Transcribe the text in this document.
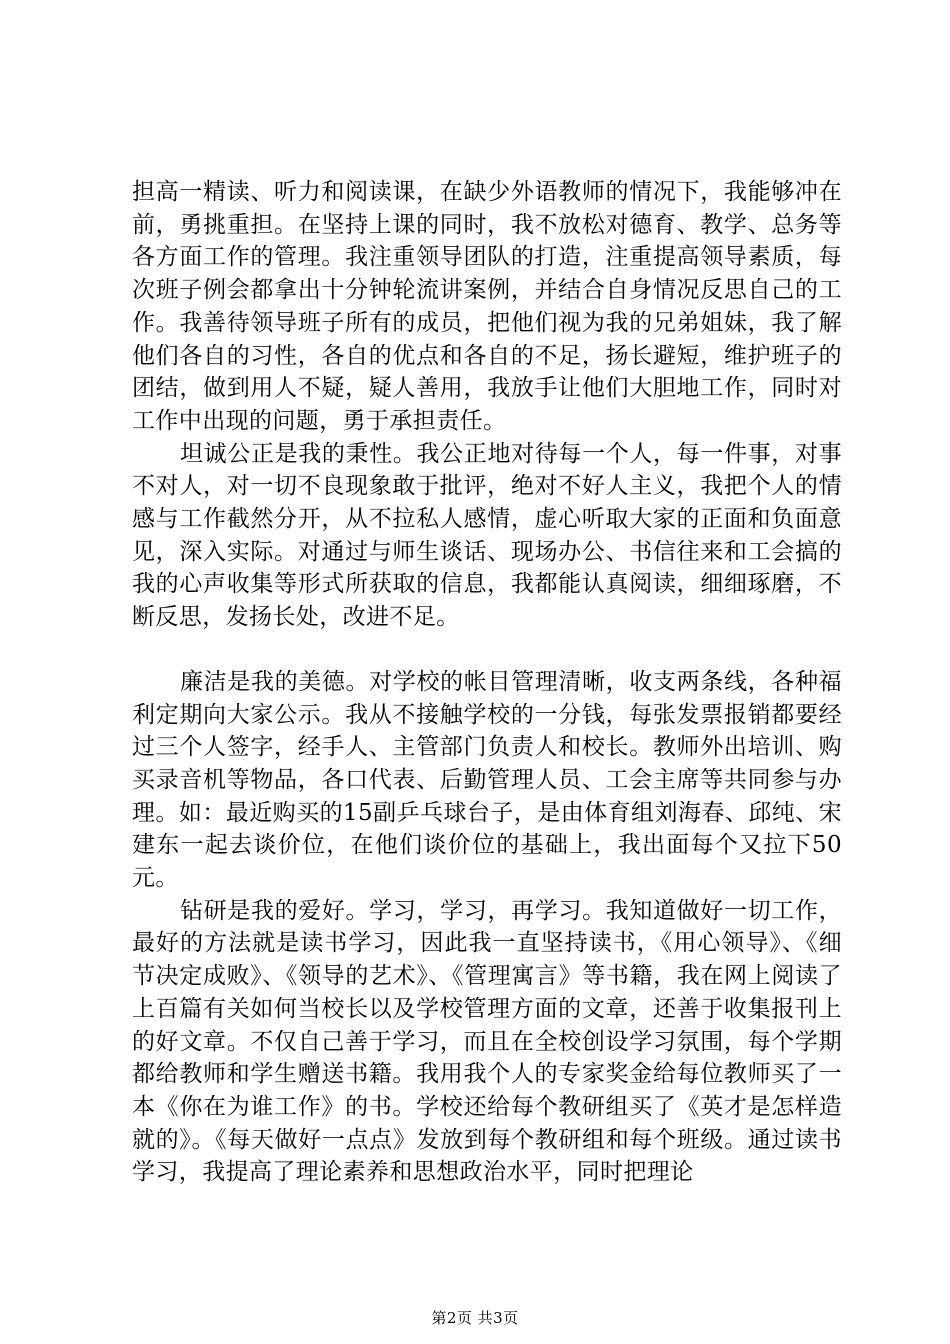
担高一精读、听力和阅读课，在缺少外语教师的情况下，我能够冲在前，勇挑重担。在坚持上课的同时，我不放松对德育、教学、总务等各方面工作的管理。我注重领导团队的打造，注重提高领导素质，每次班子例会都拿出十分钟轮流讲案例，并结合自身情况反思自己的工作。我善待领导班子所有的成员，把他们视为我的兄弟姐妹，我了解他们各自的习性，各自的优点和各自的不足，扬长避短，维护班子的团结，做到用人不疑，疑人善用，我放手让他们大胆地工作，同时对工作中出现的问题，勇于承担责任。

坦诚公正是我的秉性。我公正地对待每一个人，每一件事，对事不对人，对一切不良现象敢于批评，绝对不好人主义，我把个人的情感与工作截然分开，从不拉私人感情，虚心听取大家的正面和负面意见，深入实际。对通过与师生谈话、现场办公、书信往来和工会搞的我的心声收集等形式所获取的信息，我都能认真阅读，细细琢磨，不断反思，发扬长处，改进不足。

廉洁是我的美德。对学校的帐目管理清晰，收支两条线，各种福利定期向大家公示。我从不接触学校的一分钱，每张发票报销都要经过三个人签字，经手人、主管部门负责人和校长。教师外出培训、购买录音机等物品，各口代表、后勤管理人员、工会主席等共同参与办理。如：最近购买的15副乒乓球台子，是由体育组刘海春、邱纯、宋建东一起去谈价位，在他们谈价位的基础上，我出面每个又拉下50元。

钻研是我的爱好。学习，学习，再学习。我知道做好一切工作，最好的方法就是读书学习，因此我一直坚持读书，《用心领导》、《细节决定成败》、《领导的艺术》、《管理寓言》等书籍，我在网上阅读了上百篇有关如何当校长以及学校管理方面的文章，还善于收集报刊上的好文章。不仅自己善于学习，而且在全校创设学习氛围，每个学期都给教师和学生赠送书籍。我用我个人的专家奖金给每位教师买了一本《你在为谁工作》的书。学校还给每个教研组买了《英才是怎样造就的》。《每天做好一点点》发放到每个教研组和每个班级。通过读书学习，我提高了理论素养和思想政治水平，同时把理论

第2页 共3页
